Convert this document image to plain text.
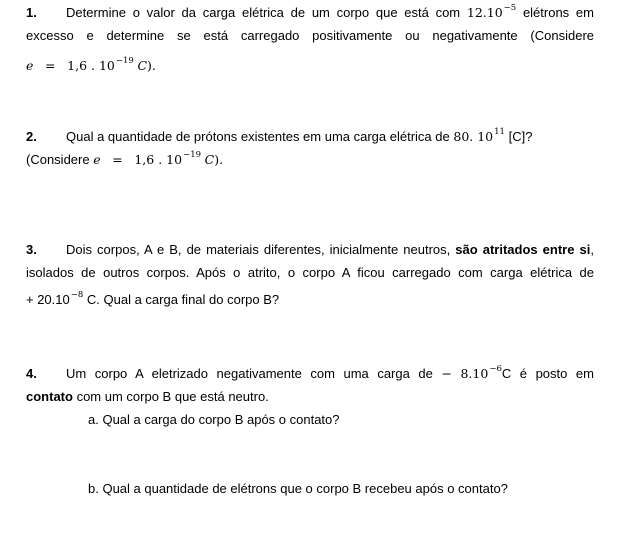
1. Determine o valor da carga elétrica de um corpo que está com $12.10^{-5}$ elétrons em
excesso e determine se está carregado positivamente ou negativamente (Considere
e = 1,6 . $10^{-19}$ C).
2. Qual a quantidade de prótons existentes em uma carga elétrica de 80. $10^{11}$ [C]?
(Considere e = 1,6 . $10^{-19}$ C).
3. Dois corpos, A e B, de materiais diferentes, inicialmente neutros, são atritados entre si,
isolados de outros corpos. Após o atrito, o corpo A ficou carregado com carga elétrica de
+ $20.10^{-8}$ C. Qual a carga final do corpo B?
4. Um corpo A eletrizado negativamente com uma carga de − $8.10^{-6}C$ é posto em
contato com um corpo B que está neutro.
a. Qual a carga do corpo B após o contato?
b. Qual a quantidade de elétrons que o corpo B recebeu após o contato?
